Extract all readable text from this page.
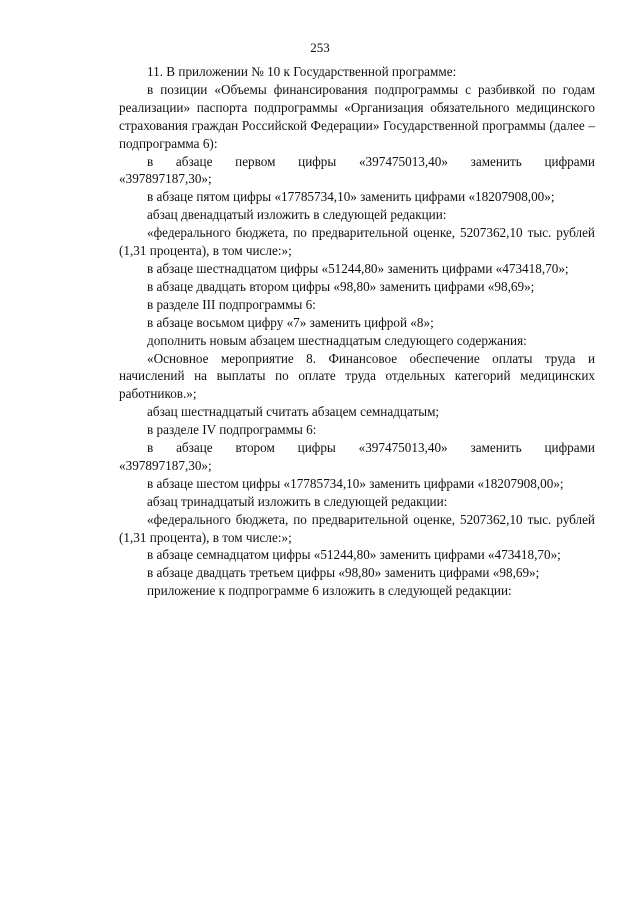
253

11. В приложении № 10 к Государственной программе:

в позиции «Объемы финансирования подпрограммы с разбивкой по годам реализации» паспорта подпрограммы «Организация обязательного медицинского страхования граждан Российской Федерации» Государственной программы (далее – подпрограмма 6):

в абзаце первом цифры «397475013,40» заменить цифрами

«397897187,30»;

в абзаце пятом цифры «17785734,10» заменить цифрами «18207908,00»;

абзац двенадцатый изложить в следующей редакции:

«федерального бюджета, по предварительной оценке, 5207362,10 тыс. рублей (1,31 процента), в том числе:»;

в абзаце шестнадцатом цифры «51244,80» заменить цифрами «473418,70»;

в абзаце двадцать втором цифры «98,80» заменить цифрами «98,69»;

в разделе III подпрограммы 6:

в абзаце восьмом цифру «7» заменить цифрой «8»;

дополнить новым абзацем шестнадцатым следующего содержания:

«Основное мероприятие 8. Финансовое обеспечение оплаты труда и начислений на выплаты по оплате труда отдельных категорий медицинских работников.»;

абзац шестнадцатый считать абзацем семнадцатым;

в разделе IV подпрограммы 6:

в абзаце втором цифры «397475013,40» заменить цифрами

«397897187,30»;

в абзаце шестом цифры «17785734,10» заменить цифрами «18207908,00»;

абзац тринадцатый изложить в следующей редакции:

«федерального бюджета, по предварительной оценке, 5207362,10 тыс. рублей (1,31 процента), в том числе:»;

в абзаце семнадцатом цифры «51244,80» заменить цифрами «473418,70»;

в абзаце двадцать третьем цифры «98,80» заменить цифрами «98,69»;

приложение к подпрограмме 6 изложить в следующей редакции:
